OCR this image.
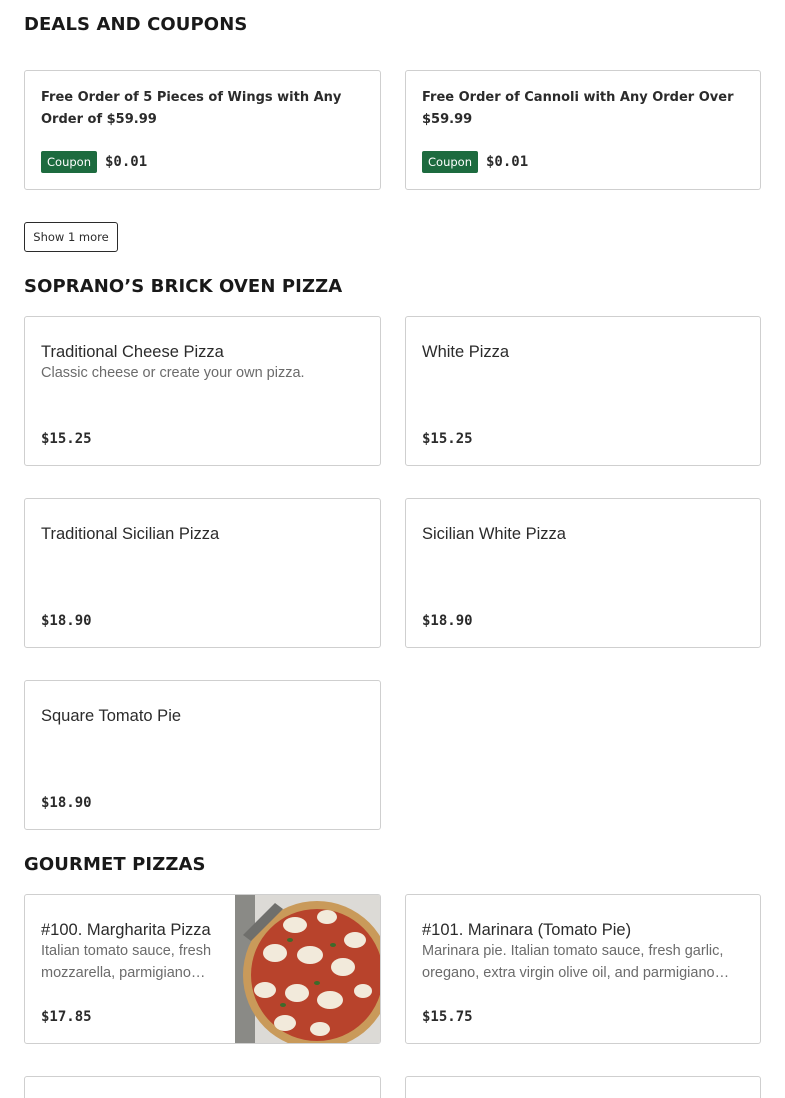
DEALS AND COUPONS
Free Order of 5 Pieces of Wings with Any Order of $59.99
Coupon	$0.01
Free Order of Cannoli with Any Order Over $59.99
Coupon	$0.01
Show 1 more
SOPRANO’S BRICK OVEN PIZZA
Traditional Cheese Pizza
Classic cheese or create your own pizza.
$15.25
White Pizza
$15.25
Traditional Sicilian Pizza
$18.90
Sicilian White Pizza
$18.90
Square Tomato Pie
$18.90
GOURMET PIZZAS
#100. Margharita Pizza
Italian tomato sauce, fresh mozzarella, parmigiano…
$17.85
#101. Marinara (Tomato Pie)
Marinara pie. Italian tomato sauce, fresh garlic, oregano, extra virgin olive oil, and parmigiano…
$15.75
